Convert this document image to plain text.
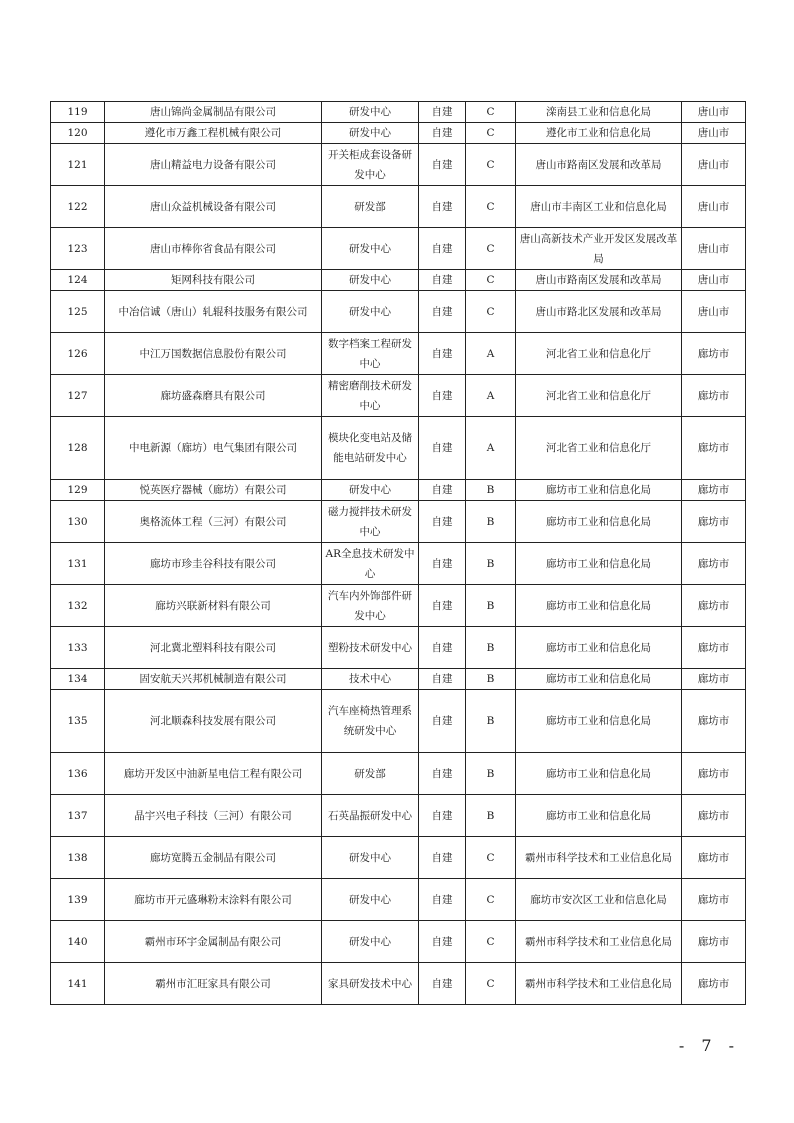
119	唐山锦尚金属制品有限公司	研发中心	自建	C	滦南县工业和信息化局	唐山市
120	遵化市万鑫工程机械有限公司	研发中心	自建	C	遵化市工业和信息化局	唐山市
121	唐山精益电力设备有限公司	开关柜成套设备研发中心	自建	C	唐山市路南区发展和改革局	唐山市
122	唐山众益机械设备有限公司	研发部	自建	C	唐山市丰南区工业和信息化局	唐山市
123	唐山市棒你省食品有限公司	研发中心	自建	C	唐山高新技术产业开发区发展改革局	唐山市
124	矩网科技有限公司	研发中心	自建	C	唐山市路南区发展和改革局	唐山市
125	中冶信诚（唐山）轧辊科技服务有限公司	研发中心	自建	C	唐山市路北区发展和改革局	唐山市
126	中江万国数据信息股份有限公司	数字档案工程研发中心	自建	A	河北省工业和信息化厅	廊坊市
127	廊坊盛森磨具有限公司	精密磨削技术研发中心	自建	A	河北省工业和信息化厅	廊坊市
128	中电新源（廊坊）电气集团有限公司	模块化变电站及储能电站研发中心	自建	A	河北省工业和信息化厅	廊坊市
129	悦英医疗器械（廊坊）有限公司	研发中心	自建	B	廊坊市工业和信息化局	廊坊市
130	奥格流体工程（三河）有限公司	磁力搅拌技术研发中心	自建	B	廊坊市工业和信息化局	廊坊市
131	廊坊市珍圭谷科技有限公司	AR全息技术研发中心	自建	B	廊坊市工业和信息化局	廊坊市
132	廊坊兴联新材料有限公司	汽车内外饰部件研发中心	自建	B	廊坊市工业和信息化局	廊坊市
133	河北冀北塑料科技有限公司	塑粉技术研发中心	自建	B	廊坊市工业和信息化局	廊坊市
134	固安航天兴邦机械制造有限公司	技术中心	自建	B	廊坊市工业和信息化局	廊坊市
135	河北顺森科技发展有限公司	汽车座椅热管理系统研发中心	自建	B	廊坊市工业和信息化局	廊坊市
136	廊坊开发区中油新星电信工程有限公司	研发部	自建	B	廊坊市工业和信息化局	廊坊市
137	晶宇兴电子科技（三河）有限公司	石英晶振研发中心	自建	B	廊坊市工业和信息化局	廊坊市
138	廊坊宽腾五金制品有限公司	研发中心	自建	C	霸州市科学技术和工业信息化局	廊坊市
139	廊坊市开元盛琳粉末涂料有限公司	研发中心	自建	C	廊坊市安次区工业和信息化局	廊坊市
140	霸州市环宇金属制品有限公司	研发中心	自建	C	霸州市科学技术和工业信息化局	廊坊市
141	霸州市汇旺家具有限公司	家具研发技术中心	自建	C	霸州市科学技术和工业信息化局	廊坊市
- 7 -
